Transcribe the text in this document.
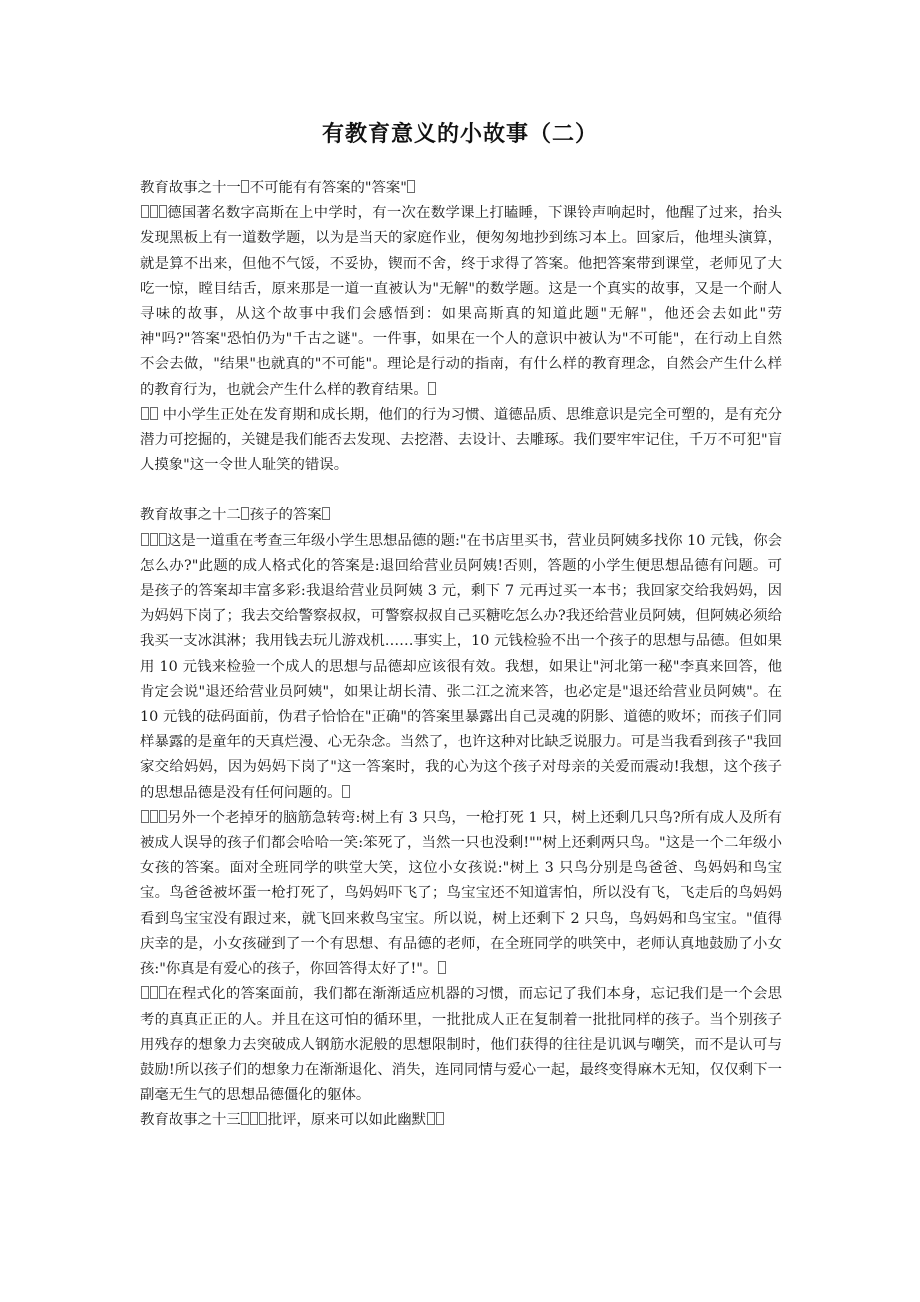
有教育意义的小故事（二）

教育故事之十一 不可能有有答案的"答案"

德国著名数字高斯在上中学时，有一次在数学课上打瞌睡，下课铃声响起时，他醒了过来，抬头发现黑板上有一道数学题，以为是当天的家庭作业，便匆匆地抄到练习本上。回家后，他埋头演算，就是算不出来，但他不气馁，不妥协，锲而不舍，终于求得了答案。他把答案带到课堂，老师见了大吃一惊，瞠目结舌，原来那是一道一直被认为"无解"的数学题。这是一个真实的故事，又是一个耐人寻味的故事，从这个故事中我们会感悟到：如果高斯真的知道此题"无解"，他还会去如此"劳神"吗?"答案"恐怕仍为"千古之谜"。一件事，如果在一个人的意识中被认为"不可能"，在行动上自然不会去做，"结果"也就真的"不可能"。理论是行动的指南，有什么样的教育理念，自然会产生什么样的教育行为，也就会产生什么样的教育结果。

中小学生正处在发育期和成长期，他们的行为习惯、道德品质、思维意识是完全可塑的，是有充分潜力可挖掘的，关键是我们能否去发现、去挖潜、去设计、去雕琢。我们要牢牢记住，千万不可犯"盲人摸象"这一令世人耻笑的错误。

教育故事之十二 孩子的答案

这是一道重在考查三年级小学生思想品德的题:"在书店里买书，营业员阿姨多找你 10 元钱，你会怎么办?"此题的成人格式化的答案是:退回给营业员阿姨!否则，答题的小学生便思想品德有问题。可是孩子的答案却丰富多彩:我退给营业员阿姨 3 元，剩下 7 元再过买一本书；我回家交给我妈妈，因为妈妈下岗了；我去交给警察叔叔，可警察叔叔自己买糖吃怎么办?我还给营业员阿姨，但阿姨必须给我买一支冰淇淋；我用钱去玩儿游戏机……事实上，10 元钱检验不出一个孩子的思想与品德。但如果用 10 元钱来检验一个成人的思想与品德却应该很有效。我想，如果让"河北第一秘"李真来回答，他肯定会说"退还给营业员阿姨"，如果让胡长清、张二江之流来答，也必定是"退还给营业员阿姨"。在 10 元钱的砝码面前，伪君子恰恰在"正确"的答案里暴露出自己灵魂的阴影、道德的败坏；而孩子们同样暴露的是童年的天真烂漫、心无杂念。当然了，也许这种对比缺乏说服力。可是当我看到孩子"我回家交给妈妈，因为妈妈下岗了"这一答案时，我的心为这个孩子对母亲的关爱而震动!我想，这个孩子的思想品德是没有任何问题的。

另外一个老掉牙的脑筋急转弯:树上有 3 只鸟，一枪打死 1 只，树上还剩几只鸟?所有成人及所有被成人误导的孩子们都会哈哈一笑:笨死了，当然一只也没剩!""树上还剩两只鸟。"这是一个二年级小女孩的答案。面对全班同学的哄堂大笑，这位小女孩说:"树上 3 只鸟分别是鸟爸爸、鸟妈妈和鸟宝宝。鸟爸爸被坏蛋一枪打死了，鸟妈妈吓飞了；鸟宝宝还不知道害怕，所以没有飞，飞走后的鸟妈妈看到鸟宝宝没有跟过来，就飞回来救鸟宝宝。所以说，树上还剩下 2 只鸟，鸟妈妈和鸟宝宝。"值得庆幸的是，小女孩碰到了一个有思想、有品德的老师，在全班同学的哄笑中，老师认真地鼓励了小女孩:"你真是有爱心的孩子，你回答得太好了!"。

在程式化的答案面前，我们都在渐渐适应机器的习惯，而忘记了我们本身，忘记我们是一个会思考的真真正正的人。并且在这可怕的循环里，一批批成人正在复制着一批批同样的孩子。当个别孩子用残存的想象力去突破成人钢筋水泥般的思想限制时，他们获得的往往是讥讽与嘲笑，而不是认可与鼓励!所以孩子们的想象力在渐渐退化、消失，连同同情与爱心一起，最终变得麻木无知，仅仅剩下一副毫无生气的思想品德僵化的躯体。

教育故事之十三 批评，原来可以如此幽默
